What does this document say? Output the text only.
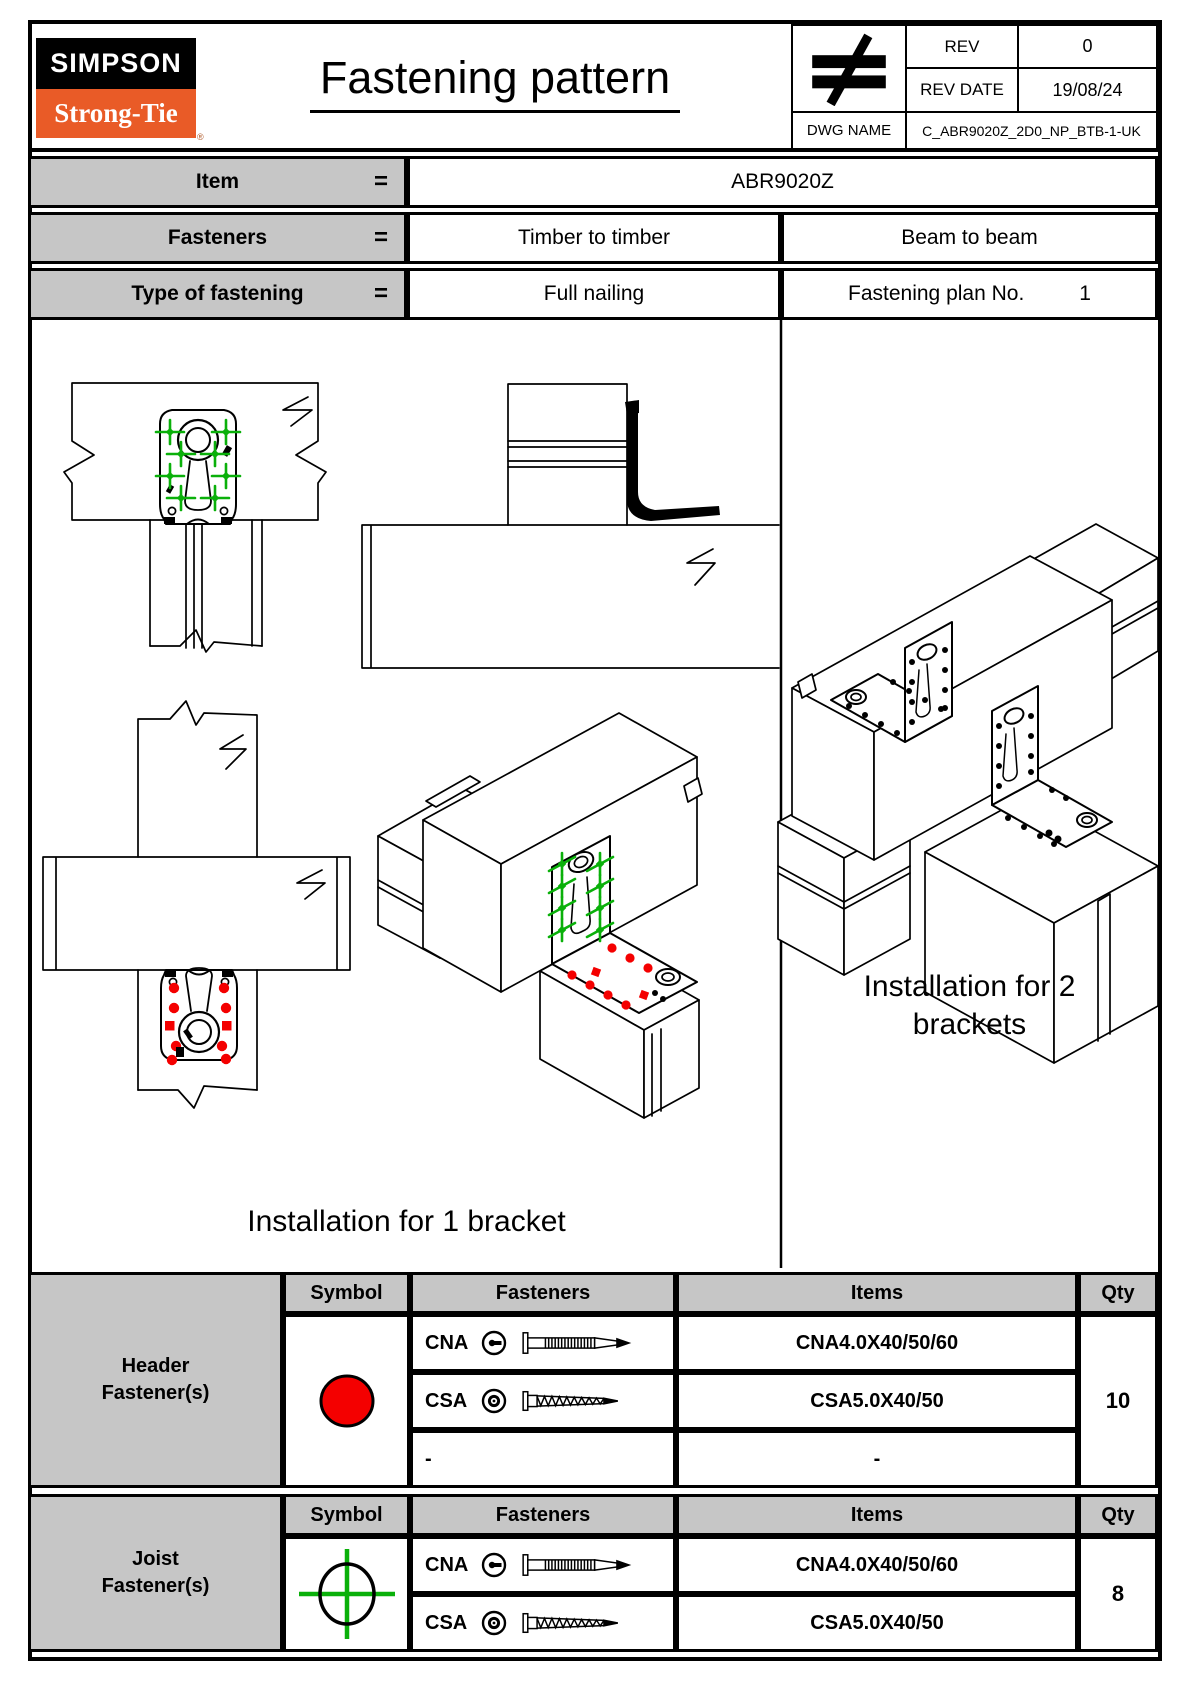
SIMPSON
Strong-Tie
®
Fastening pattern
REV	0
REV DATE	19/08/24
DWG NAME C_ABR9020Z_2D0_NP_BTB-1-UK
Item	=	ABR9020Z
Fasteners	=	Timber to timber	Beam to beam
Type of fastening	=	Full nailing	Fastening plan No.	1
Installation for 1 bracket
Installation for 2
brackets
Header
Fastener(s)
Symbol	Fasteners	Items	Qty
10
CNA	CNA4.0X40/50/60
CSA	CSA5.0X40/50
-	-
Joist
Fastener(s)
Symbol	Fasteners	Items	Qty
8
CNA	CNA4.0X40/50/60
CSA	CSA5.0X40/50
